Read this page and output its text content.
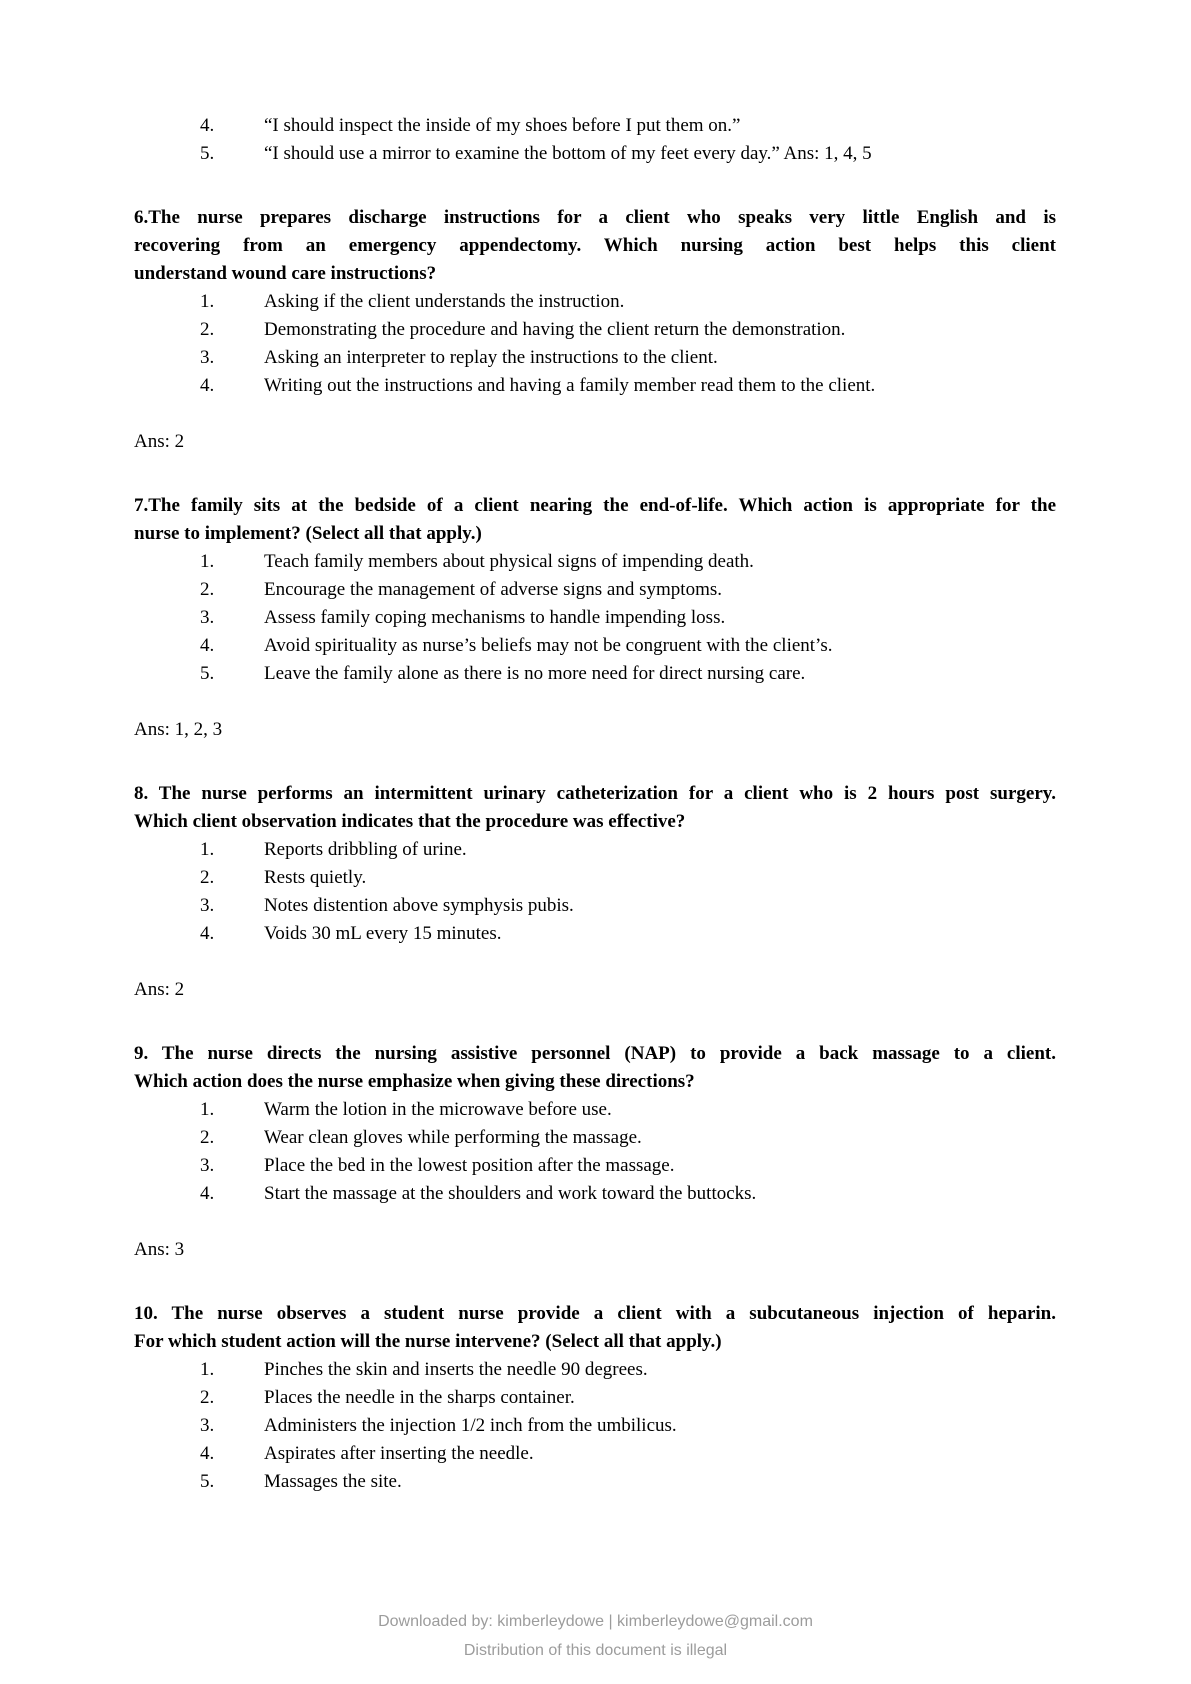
4.	“I should inspect the inside of my shoes before I put them on.”
5.	“I should use a mirror to examine the bottom of my feet every day.” Ans: 1, 4, 5
6.The nurse prepares discharge instructions for a client who speaks very little English and is
recovering from an emergency appendectomy. Which nursing action best helps this client
understand wound care instructions?
1.	Asking if the client understands the instruction.
2.	Demonstrating the procedure and having the client return the demonstration.
3.	Asking an interpreter to replay the instructions to the client.
4.	Writing out the instructions and having a family member read them to the client.
Ans: 2
7.The family sits at the bedside of a client nearing the end-of-life. Which action is appropriate for the
nurse to implement? (Select all that apply.)
1.	Teach family members about physical signs of impending death.
2.	Encourage the management of adverse signs and symptoms.
3.	Assess family coping mechanisms to handle impending loss.
4.	Avoid spirituality as nurse’s beliefs may not be congruent with the client’s.
5.	Leave the family alone as there is no more need for direct nursing care.
Ans: 1, 2, 3
8. The nurse performs an intermittent urinary catheterization for a client who is 2 hours post surgery.
Which client observation indicates that the procedure was effective?
1.	Reports dribbling of urine.
2.	Rests quietly.
3.	Notes distention above symphysis pubis.
4.	Voids 30 mL every 15 minutes.
Ans: 2
9. The nurse directs the nursing assistive personnel (NAP) to provide a back massage to a client.
Which action does the nurse emphasize when giving these directions?
1.	Warm the lotion in the microwave before use.
2.	Wear clean gloves while performing the massage.
3.	Place the bed in the lowest position after the massage.
4.	Start the massage at the shoulders and work toward the buttocks.
Ans: 3
10. The nurse observes a student nurse provide a client with a subcutaneous injection of heparin.
For which student action will the nurse intervene? (Select all that apply.)
1.	Pinches the skin and inserts the needle 90 degrees.
2.	Places the needle in the sharps container.
3.	Administers the injection 1/2 inch from the umbilicus.
4.	Aspirates after inserting the needle.
5.	Massages the site.
Downloaded by: kimberleydowe | kimberleydowe@gmail.com
Distribution of this document is illegal
